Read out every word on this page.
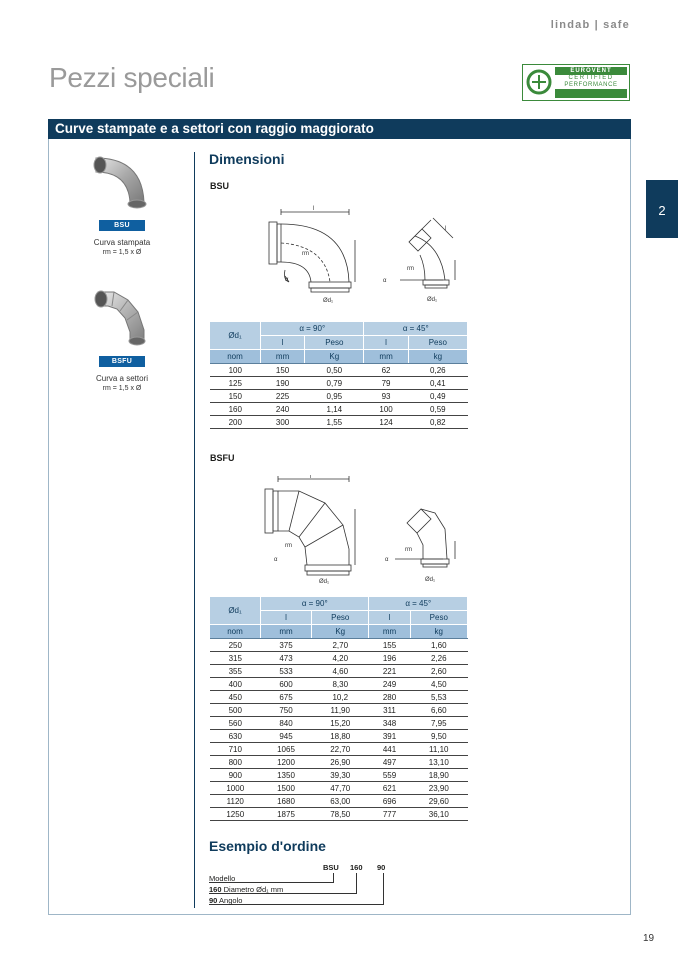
lindab | safe
Pezzi speciali	EUROVENT
CERTIFIED
PERFORMANCE
Curve stampate e a settori con raggio maggiorato
2
19
BSU
Curva stampata
rm = 1,5 x Ø
BSFU
Curva a settori
rm = 1,5 x Ø
Dimensioni
BSU
l
rm
α
Ød₁
rm
α
l
Ød₁
Ød₁	α = 90°		α = 45°	
	l	Peso	l	Peso
nom	mm	Kg	mm	kg
100	150	0,50	62	0,26
125	190	0,79	79	0,41
150	225	0,95	93	0,49
160	240	1,14	100	0,59
200	300	1,55	124	0,82
BSFU
l
rm
α
Ød₁
rm
α
Ød₁
Ød₁	α = 90°		α = 45°	
	l	Peso	l	Peso
nom	mm	Kg	mm	kg
250	375	2,70	155	1,60
315	473	4,20	196	2,26
355	533	4,60	221	2,60
400	600	8,30	249	4,50
450	675	10,2	280	5,53
500	750	11,90	311	6,60
560	840	15,20	348	7,95
630	945	18,80	391	9,50
710	1065	22,70	441	11,10
800	1200	26,90	497	13,10
900	1350	39,30	559	18,90
1000	1500	47,70	621	23,90
1120	1680	63,00	696	29,60
1250	1875	78,50	777	36,10
Esempio d'ordine
BSU 160 90
Modello
160 Diametro Ød₁ mm
90 Angolo
